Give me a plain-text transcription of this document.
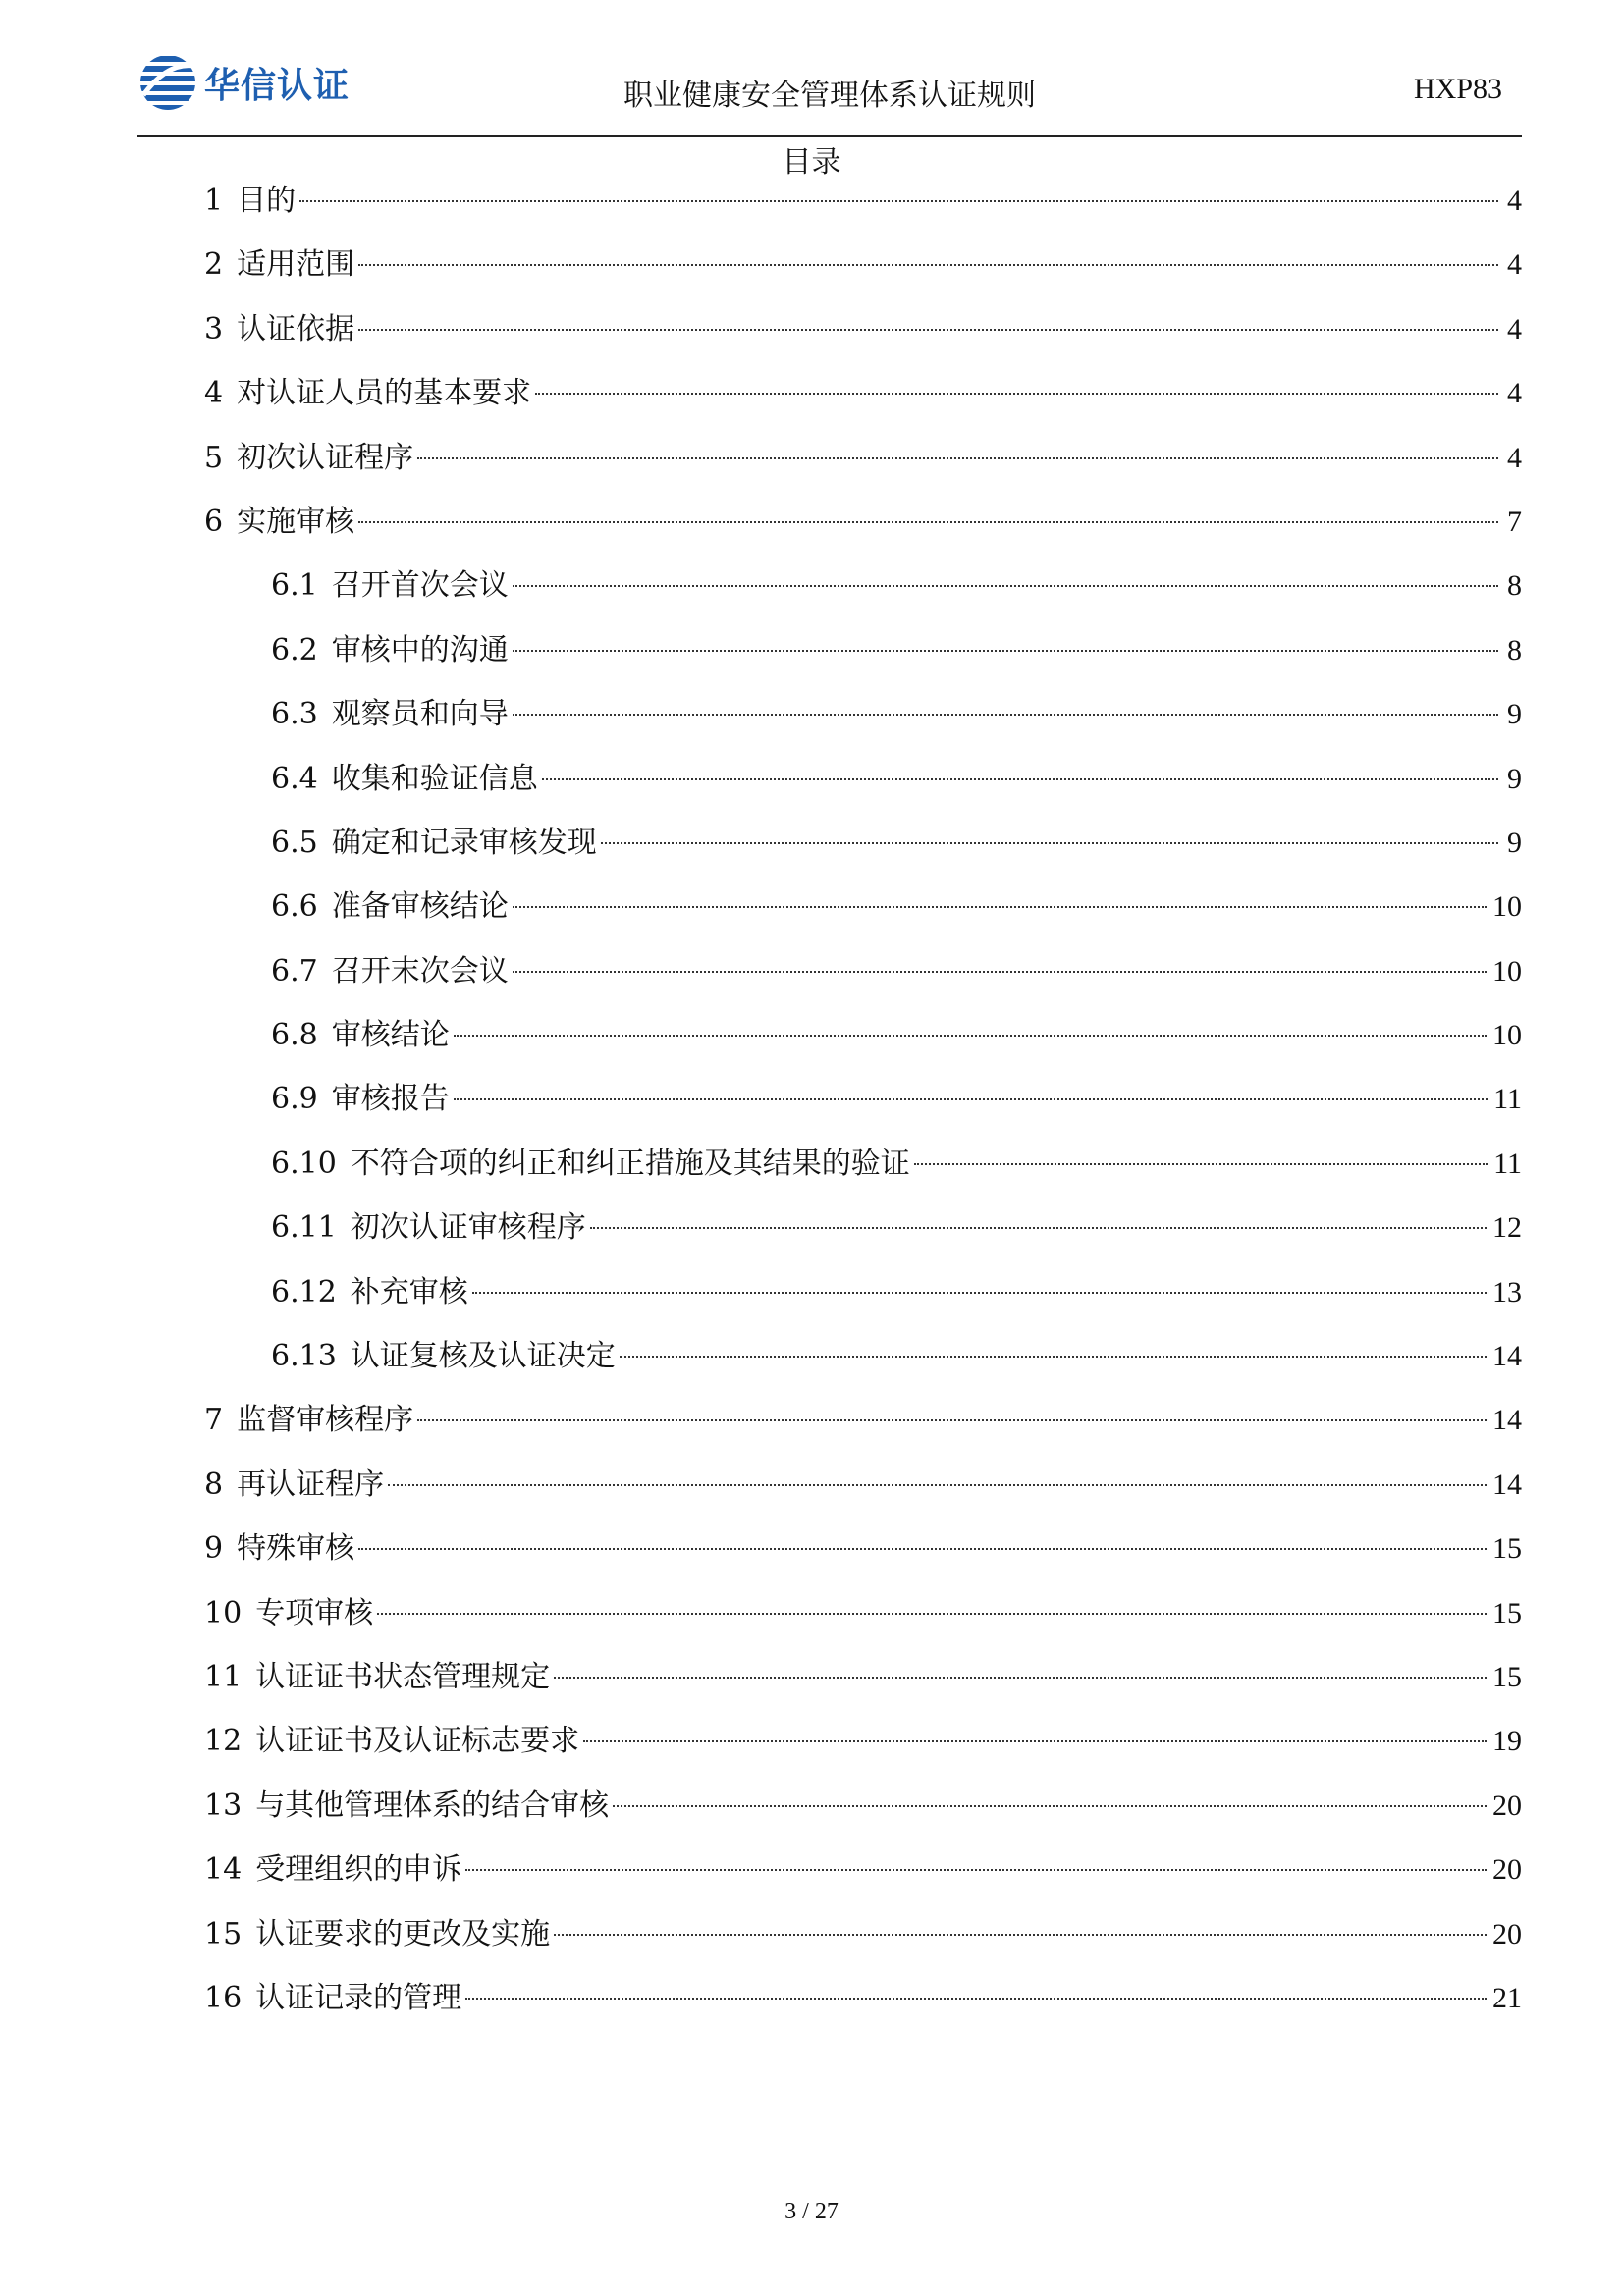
华信认证	职业健康安全管理体系认证规则	HXP83
目录
1 目的	4
2 适用范围	4
3 认证依据	4
4 对认证人员的基本要求	4
5 初次认证程序	4
6 实施审核	7
6.1 召开首次会议	8
6.2 审核中的沟通	8
6.3 观察员和向导	9
6.4 收集和验证信息	9
6.5 确定和记录审核发现	9
6.6 准备审核结论	10
6.7 召开末次会议	10
6.8 审核结论	10
6.9 审核报告	11
6.10 不符合项的纠正和纠正措施及其结果的验证	11
6.11 初次认证审核程序	12
6.12 补充审核	13
6.13 认证复核及认证决定	14
7 监督审核程序	14
8 再认证程序	14
9 特殊审核	15
10 专项审核	15
11 认证证书状态管理规定	15
12 认证证书及认证标志要求	19
13 与其他管理体系的结合审核	20
14 受理组织的申诉	20
15 认证要求的更改及实施	20
16 认证记录的管理	21
3 / 27
